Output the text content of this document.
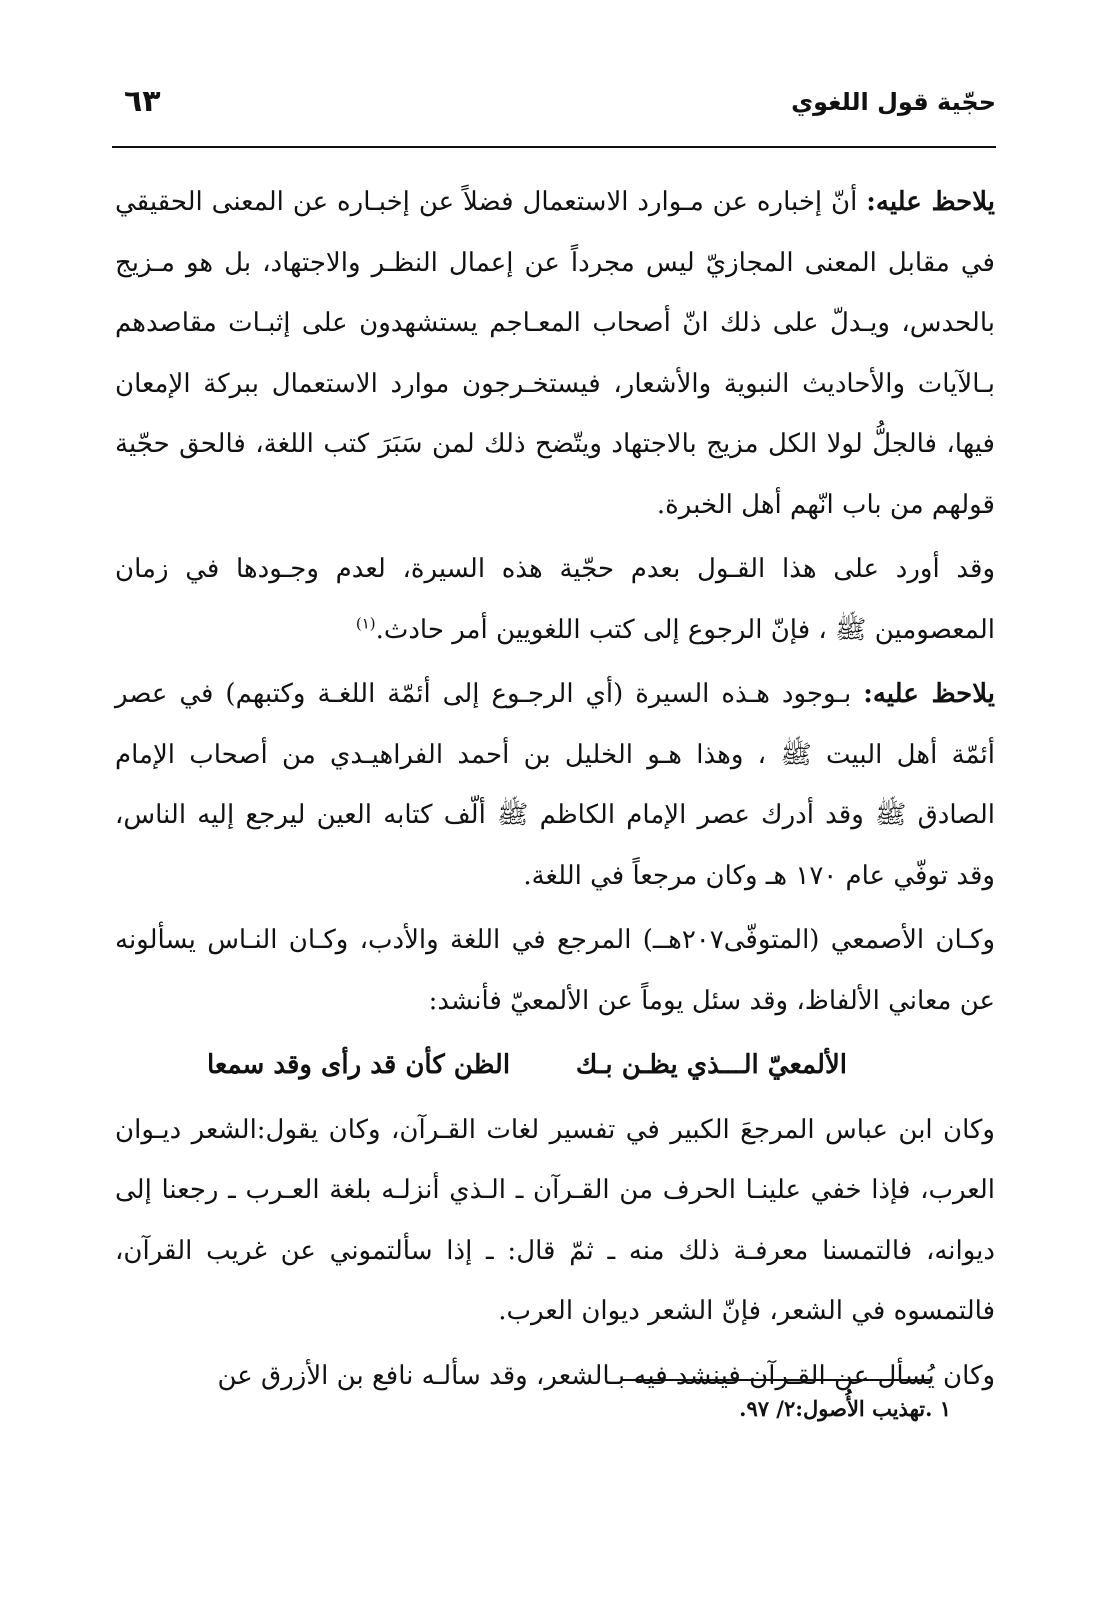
حجّية قول اللغوي
٦٣

يلاحظ عليه: أنّ إخباره عن مـوارد الاستعمال فضلاً عن إخبـاره عن المعنى الحقيقي في مقابل المعنى المجازيّ ليس مجرداً عن إعمال النظـر والاجتهاد، بل هو مـزيج بالحدس، ويـدلّ على ذلك انّ أصحاب المعـاجم يستشهدون على إثبـات مقاصدهم بـالآيات والأحاديث النبوية والأشعار، فيستخـرجون موارد الاستعمال ببركة الإمعان فيها، فالجلُّ لولا الكل مزيج بالاجتهاد ويتّضح ذلك لمن سَبَرَ كتب اللغة، فالحق حجّية قولهم من باب انّهم أهل الخبرة.

وقد أورد على هذا القـول بعدم حجّية هذه السيرة، لعدم وجـودها في زمان المعصومين ﷺ ، فإنّ الرجوع إلى كتب اللغويين أمر حادث.$^{(١)}$

يلاحظ عليه: بـوجود هـذه السيرة (أي الرجـوع إلى أئمّة اللغـة وكتبهم) في عصر أئمّة أهل البيت ﷺ ، وهذا هـو الخليل بن أحمد الفراهيـدي من أصحاب الإمام الصادق ﷺ وقد أدرك عصر الإمام الكاظم ﷺ ألّف كتابه العين ليرجع إليه الناس، وقد توفّي عام ١٧٠ هـ وكان مرجعاً في اللغة.

وكـان الأصمعي (المتوفّى٢٠٧هــ) المرجع في اللغة والأدب، وكـان النـاس يسألونه عن معاني الألفاظ، وقد سئل يوماً عن الألمعيّ فأنشد:

الألمعيّ الـــذي يظـن بـك
الظن كأن قد رأى وقد سمعا

وكان ابن عباس المرجعَ الكبير في تفسير لغات القـرآن، وكان يقول:الشعر ديـوان العرب، فإذا خفي علينـا الحرف من القـرآن ـ الـذي أنزلـه بلغة العـرب ـ رجعنا إلى ديوانه، فالتمسنا معرفـة ذلك منه ـ ثمّ قال: ـ إذا سألتموني عن غريب القرآن، فالتمسوه في الشعر، فإنّ الشعر ديوان العرب.

وكان يُسأل عن القـرآن فينشد فيه بـالشعر، وقد سألـه نافع بن الأزرق عن

١ .تهذيب الأُصول:٢/ ٩٧.
